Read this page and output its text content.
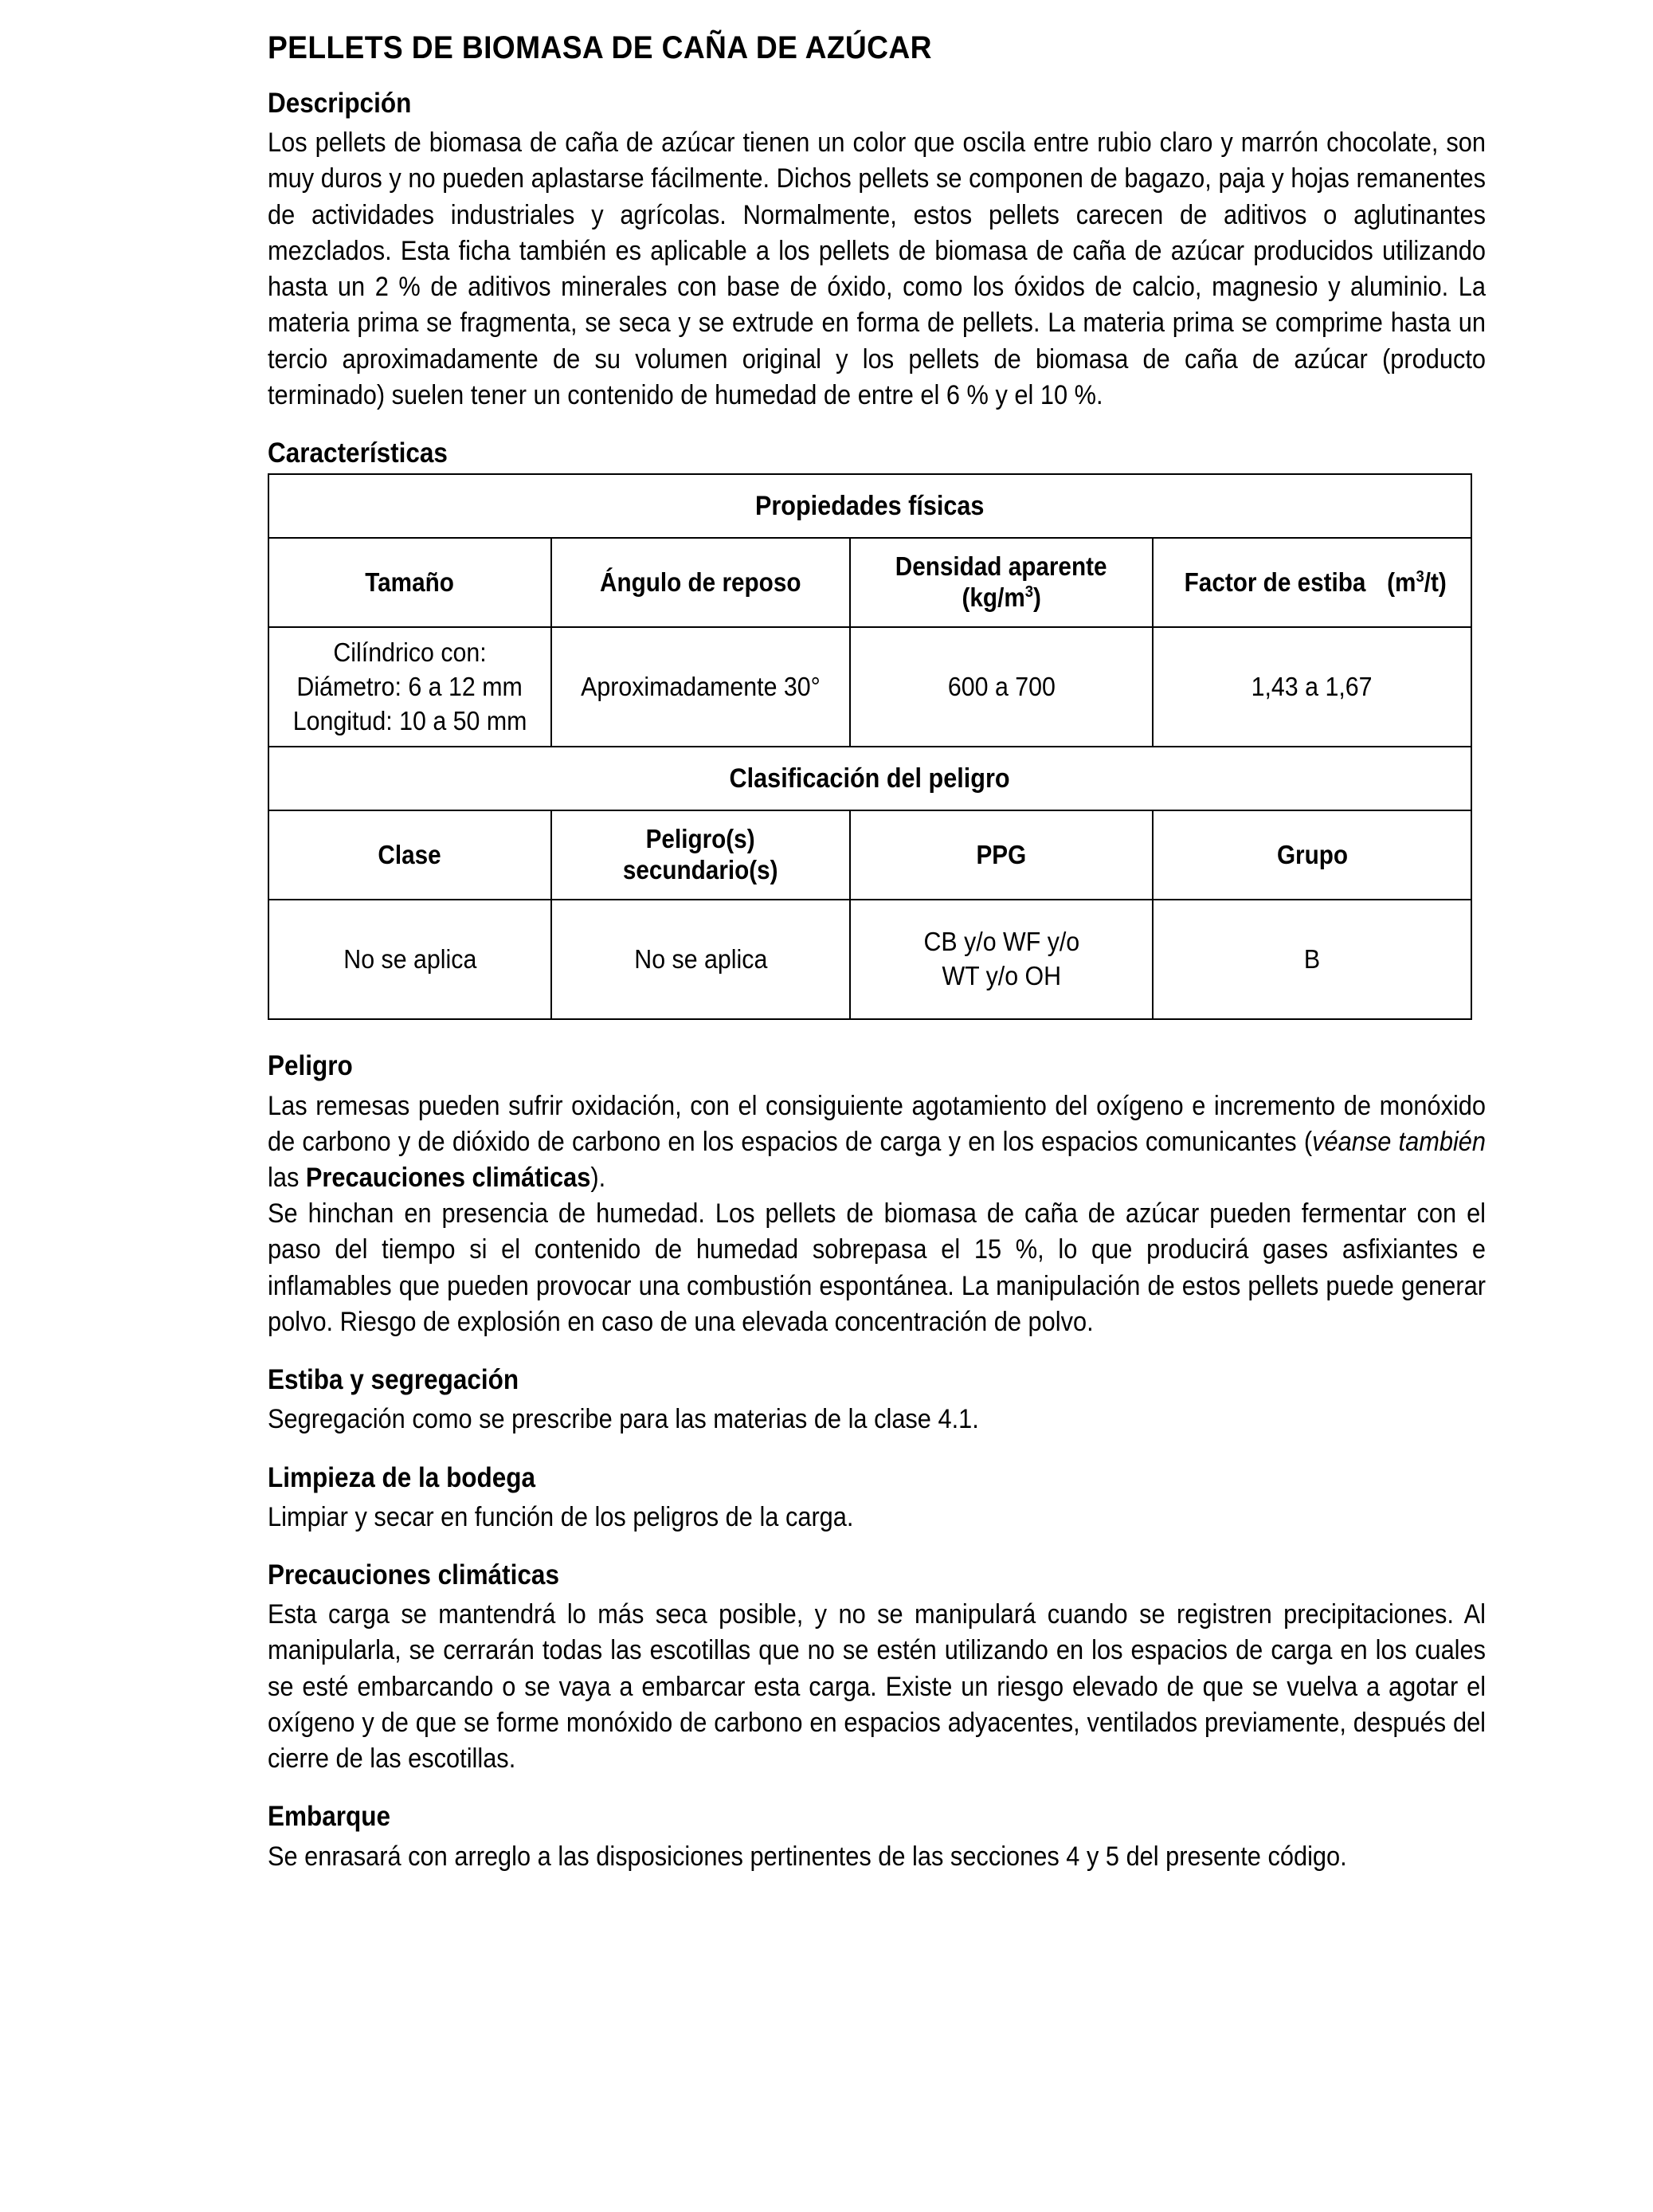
PELLETS DE BIOMASA DE CAÑA DE AZÚCAR
Descripción

Los pellets de biomasa de caña de azúcar tienen un color que oscila entre rubio claro y marrón chocolate, son muy duros y no pueden aplastarse fácilmente. Dichos pellets se componen de bagazo, paja y hojas remanentes de actividades industriales y agrícolas. Normalmente, estos pellets carecen de aditivos o aglutinantes mezclados. Esta ficha también es aplicable a los pellets de biomasa de caña de azúcar producidos utilizando hasta un 2 % de aditivos minerales con base de óxido, como los óxidos de calcio, magnesio y aluminio. La materia prima se fragmenta, se seca y se extrude en forma de pellets. La materia prima se comprime hasta un tercio aproximadamente de su volumen original y los pellets de biomasa de caña de azúcar (producto terminado) suelen tener un contenido de humedad de entre el 6 % y el 10 %.

Características
Propiedades físicas			
Tamaño	Ángulo de reposo	Densidad aparente $(kg/m^3)$	Factor de estiba $(m^3/t)$

Cilíndrico con: Diámetro: 6 a 12 mm Longitud: 10 a 50 mm	Aproximadamente 30°	600 a 700	1,43 a 1,67
Clasificación del peligro			
Clase	Peligro(s) secundario(s)	PPG	Grupo
No se aplica	No se aplica	CB y/o WF y/o WT y/o OH	B
Peligro

Las remesas pueden sufrir oxidación, con el consiguiente agotamiento del oxígeno e incremento de monóxido de carbono y de dióxido de carbono en los espacios de carga y en los espacios comunicantes (véanse también las Precauciones climáticas).

Se hinchan en presencia de humedad. Los pellets de biomasa de caña de azúcar pueden fermentar con el paso del tiempo si el contenido de humedad sobrepasa el 15 %, lo que producirá gases asfixiantes e inflamables que pueden provocar una combustión espontánea. La manipulación de estos pellets puede generar polvo. Riesgo de explosión en caso de una elevada concentración de polvo.

Estiba y segregación

Segregación como se prescribe para las materias de la clase 4.1.

Limpieza de la bodega

Limpiar y secar en función de los peligros de la carga.

Precauciones climáticas

Esta carga se mantendrá lo más seca posible, y no se manipulará cuando se registren precipitaciones. Al manipularla, se cerrarán todas las escotillas que no se estén utilizando en los espacios de carga en los cuales se esté embarcando o se vaya a embarcar esta carga. Existe un riesgo elevado de que se vuelva a agotar el oxígeno y de que se forme monóxido de carbono en espacios adyacentes, ventilados previamente, después del cierre de las escotillas.

Embarque

Se enrasará con arreglo a las disposiciones pertinentes de las secciones 4 y 5 del presente código.
